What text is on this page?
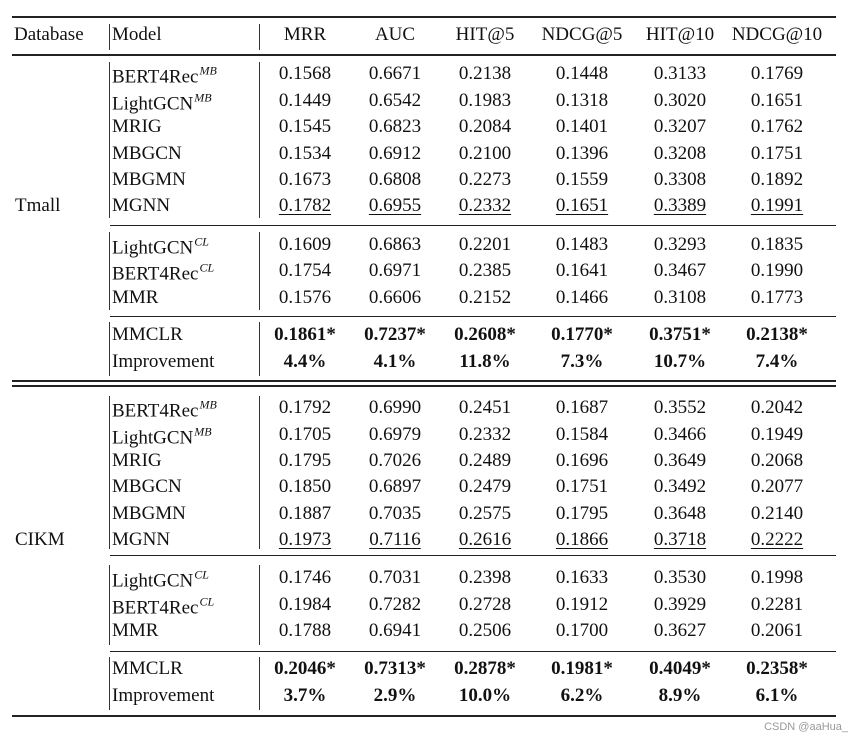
Database Model	MRR	AUC HIT@5 NDCG@5 HIT@10 NDCG@10
Tmall
BERT4Rec$^{MB}$	0.1568 0.6671 0.2138 0.1448 0.3133 0.1769
LightGCN$^{MB}$	0.1449 0.6542 0.1983 0.1318 0.3020 0.1651
MRIG	0.1545 0.6823 0.2084 0.1401 0.3207 0.1762
MBGCN	0.1534 0.6912 0.2100 0.1396 0.3208 0.1751
MBGMN	0.1673 0.6808 0.2273 0.1559 0.3308 0.1892
MGNN	0.1782 0.6955 0.2332 0.1651 0.3389 0.1991
LightGCN$^{CL}$	0.1609 0.6863 0.2201 0.1483 0.3293 0.1835
BERT4Rec$^{CL}$	0.1754 0.6971 0.2385 0.1641 0.3467 0.1990
MMR	0.1576 0.6606 0.2152 0.1466 0.3108 0.1773
MMCLR	0.1861* 0.7237* 0.2608* 0.1770* 0.3751* 0.2138*
Improvement	4.4% 4.1% 11.8%	7.3%	10.7%	7.4%
CIKM
BERT4Rec$^{MB}$	0.1792 0.6990 0.2451 0.1687 0.3552 0.2042
LightGCN$^{MB}$	0.1705 0.6979 0.2332 0.1584 0.3466 0.1949
MRIG	0.1795 0.7026 0.2489 0.1696 0.3649 0.2068
MBGCN	0.1850 0.6897 0.2479 0.1751 0.3492 0.2077
MBGMN	0.1887 0.7035 0.2575 0.1795 0.3648 0.2140
MGNN	0.1973 0.7116 0.2616 0.1866 0.3718 0.2222
LightGCN$^{CL}$	0.1746 0.7031 0.2398 0.1633 0.3530 0.1998
BERT4Rec$^{CL}$	0.1984 0.7282 0.2728 0.1912 0.3929 0.2281
MMR	0.1788 0.6941 0.2506 0.1700 0.3627 0.2061
MMCLR	0.2046* 0.7313* 0.2878* 0.1981* 0.4049* 0.2358*
Improvement	3.7% 2.9% 10.0%	6.2%	8.9%	6.1%
CSDN @aaHua_
